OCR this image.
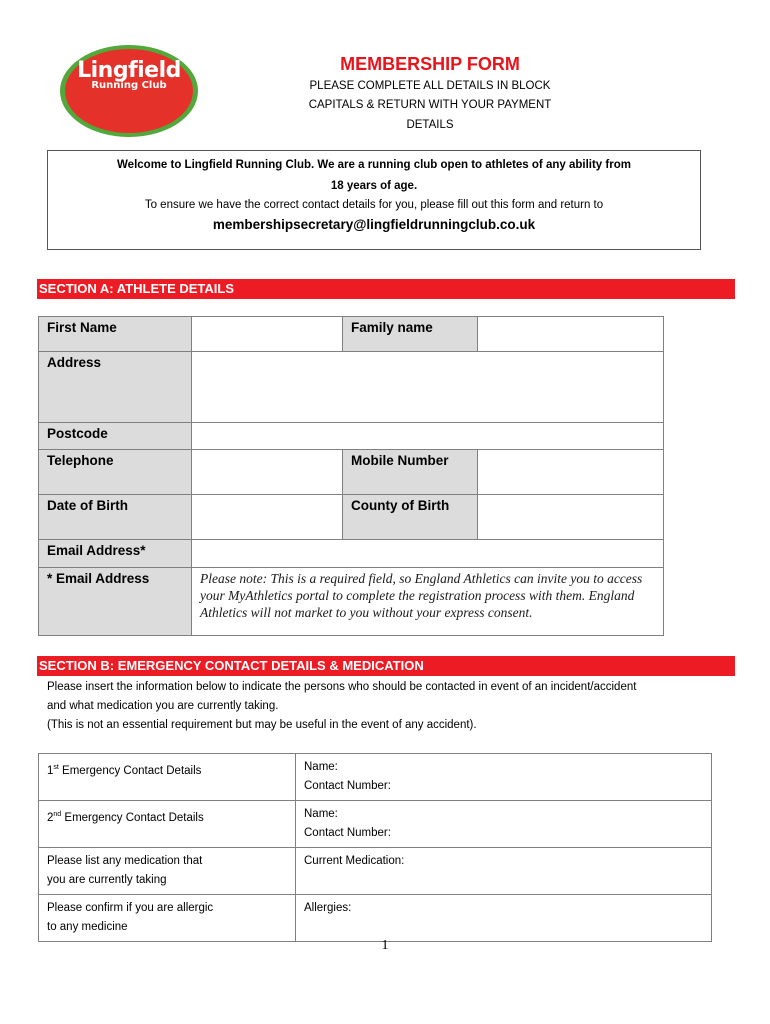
Lingfield
Running Club
MEMBERSHIP FORM
PLEASE COMPLETE ALL DETAILS IN BLOCK
CAPITALS & RETURN WITH YOUR PAYMENT
DETAILS
Welcome to Lingfield Running Club. We are a running club open to athletes of any ability from
18 years of age.
To ensure we have the correct contact details for you, please fill out this form and return to
membershipsecretary@lingfieldrunningclub.co.uk
SECTION A: ATHLETE DETAILS
First Name		Family name	
Address			
Postcode			
Telephone		Mobile Number	
Date of Birth		County of Birth	
Email Address*			
* Email Address	Please note: This is a required field, so England Athletics can invite you to access your MyAthletics portal to complete the registration process with them. England Athletics will not market to you without your express consent.		
SECTION B: EMERGENCY CONTACT DETAILS & MEDICATION
Please insert the information below to indicate the persons who should be contacted in event of an incident/accident
and what medication you are currently taking.
(This is not an essential requirement but may be useful in the event of any accident).
1st Emergency Contact Details	Name:
Contact Number:

2nd Emergency Contact Details	Name:
Contact Number:

Please list any medication that
you are currently taking	Current Medication:

Please confirm if you are allergic
to any medicine	Allergies:
1
